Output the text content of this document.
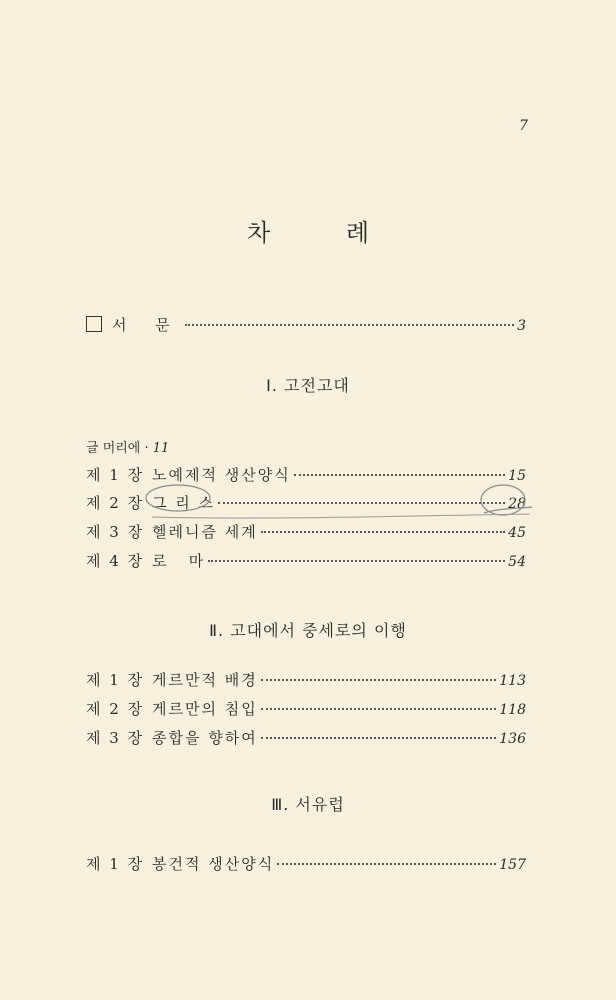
7
차 례
서 문	3
Ⅰ. 고전고대
글 머리에 · 11
제 1 장 노예제적 생산양식	15
제 2 장 그 리 스	28
제 3 장 헬레니즘 세계	45
제 4 장 로   마	54
Ⅱ. 고대에서 중세로의 이행
제 1 장 게르만적 배경	113
제 2 장 게르만의 침입	118
제 3 장 종합을 향하여	136
Ⅲ. 서유럽
제 1 장 봉건적 생산양식	157
